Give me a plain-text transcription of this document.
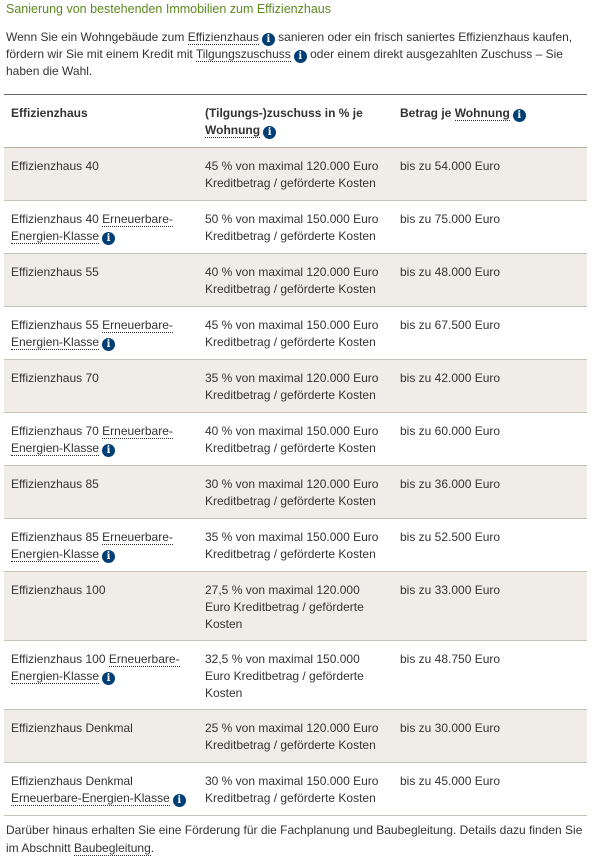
Sanierung von bestehenden Immobilien zum Effizienzhaus
Wenn Sie ein Wohngebäude zum Effizienzhaus i sanieren oder ein frisch saniertes Effizienzhaus kaufen, fördern wir Sie mit einem Kredit mit Tilgungszuschuss i oder einem direkt ausgezahlten Zuschuss – Sie haben die Wahl.
Effizienzhaus	(Tilgungs-)zuschuss in % je Wohnung i	Betrag je Wohnung i
Effizienzhaus 40	45 % von maximal 120.000 Euro Kreditbetrag / geförderte Kosten	bis zu 54.000 Euro
Effizienzhaus 40 Erneuerbare-Energien-Klasse i	50 % von maximal 150.000 Euro Kreditbetrag / geförderte Kosten	bis zu 75.000 Euro
Effizienzhaus 55	40 % von maximal 120.000 Euro Kreditbetrag / geförderte Kosten	bis zu 48.000 Euro
Effizienzhaus 55 Erneuerbare-Energien-Klasse i	45 % von maximal 150.000 Euro Kreditbetrag / geförderte Kosten	bis zu 67.500 Euro
Effizienzhaus 70	35 % von maximal 120.000 Euro Kreditbetrag / geförderte Kosten	bis zu 42.000 Euro
Effizienzhaus 70 Erneuerbare-Energien-Klasse i	40 % von maximal 150.000 Euro Kreditbetrag / geförderte Kosten	bis zu 60.000 Euro
Effizienzhaus 85	30 % von maximal 120.000 Euro Kreditbetrag / geförderte Kosten	bis zu 36.000 Euro
Effizienzhaus 85 Erneuerbare-Energien-Klasse i	35 % von maximal 150.000 Euro Kreditbetrag / geförderte Kosten	bis zu 52.500 Euro
Effizienzhaus 100	27,5 % von maximal 120.000 Euro Kreditbetrag / geförderte Kosten	bis zu 33.000 Euro
Effizienzhaus 100 Erneuerbare-Energien-Klasse i	32,5 % von maximal 150.000 Euro Kreditbetrag / geförderte Kosten	bis zu 48.750 Euro
Effizienzhaus Denkmal	25 % von maximal 120.000 Euro Kreditbetrag / geförderte Kosten	bis zu 30.000 Euro
Effizienzhaus Denkmal Erneuerbare-Energien-Klasse i	30 % von maximal 150.000 Euro Kreditbetrag / geförderte Kosten	bis zu 45.000 Euro
Darüber hinaus erhalten Sie eine Förderung für die Fachplanung und Baubegleitung. Details dazu finden Sie im Abschnitt Baubegleitung.
